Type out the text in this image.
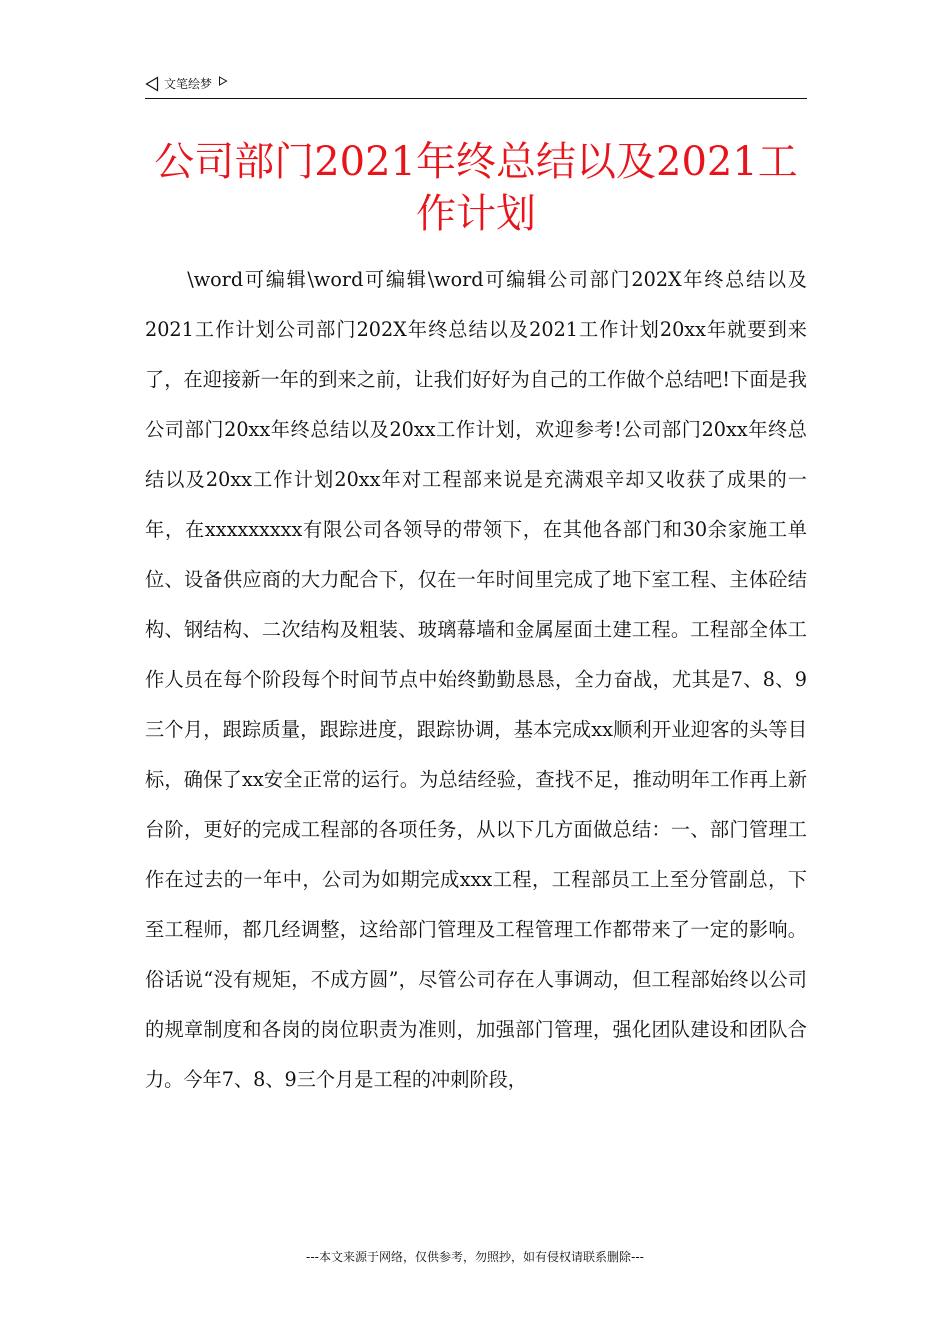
文笔绘梦
公司部门2021年终总结以及2021工作计划

\word可编辑\word可编辑\word可编辑公司部门202X年终总结以及2021工作计划公司部门202X年终总结以及2021工作计划20xx年就要到来了，在迎接新一年的到来之前，让我们好好为自己的工作做个总结吧!下面是我公司部门20xx年终总结以及20xx工作计划，欢迎参考!公司部门20xx年终总结以及20xx工作计划20xx年对工程部来说是充满艰辛却又收获了成果的一年，在xxxxxxxxx有限公司各领导的带领下，在其他各部门和30余家施工单位、设备供应商的大力配合下，仅在一年时间里完成了地下室工程、主体砼结构、钢结构、二次结构及粗装、玻璃幕墙和金属屋面土建工程。工程部全体工作人员在每个阶段每个时间节点中始终勤勤恳恳，全力奋战，尤其是7、8、9三个月，跟踪质量，跟踪进度，跟踪协调，基本完成xx顺利开业迎客的头等目标，确保了xx安全正常的运行。为总结经验，查找不足，推动明年工作再上新台阶，更好的完成工程部的各项任务，从以下几方面做总结：一、部门管理工作在过去的一年中，公司为如期完成xxx工程，工程部员工上至分管副总，下至工程师，都几经调整，这给部门管理及工程管理工作都带来了一定的影响。俗话说“没有规矩，不成方圆”，尽管公司存在人事调动，但工程部始终以公司的规章制度和各岗的岗位职责为准则，加强部门管理，强化团队建设和团队合力。今年7、8、9三个月是工程的冲刺阶段，

---本文来源于网络，仅供参考，勿照抄，如有侵权请联系删除---
